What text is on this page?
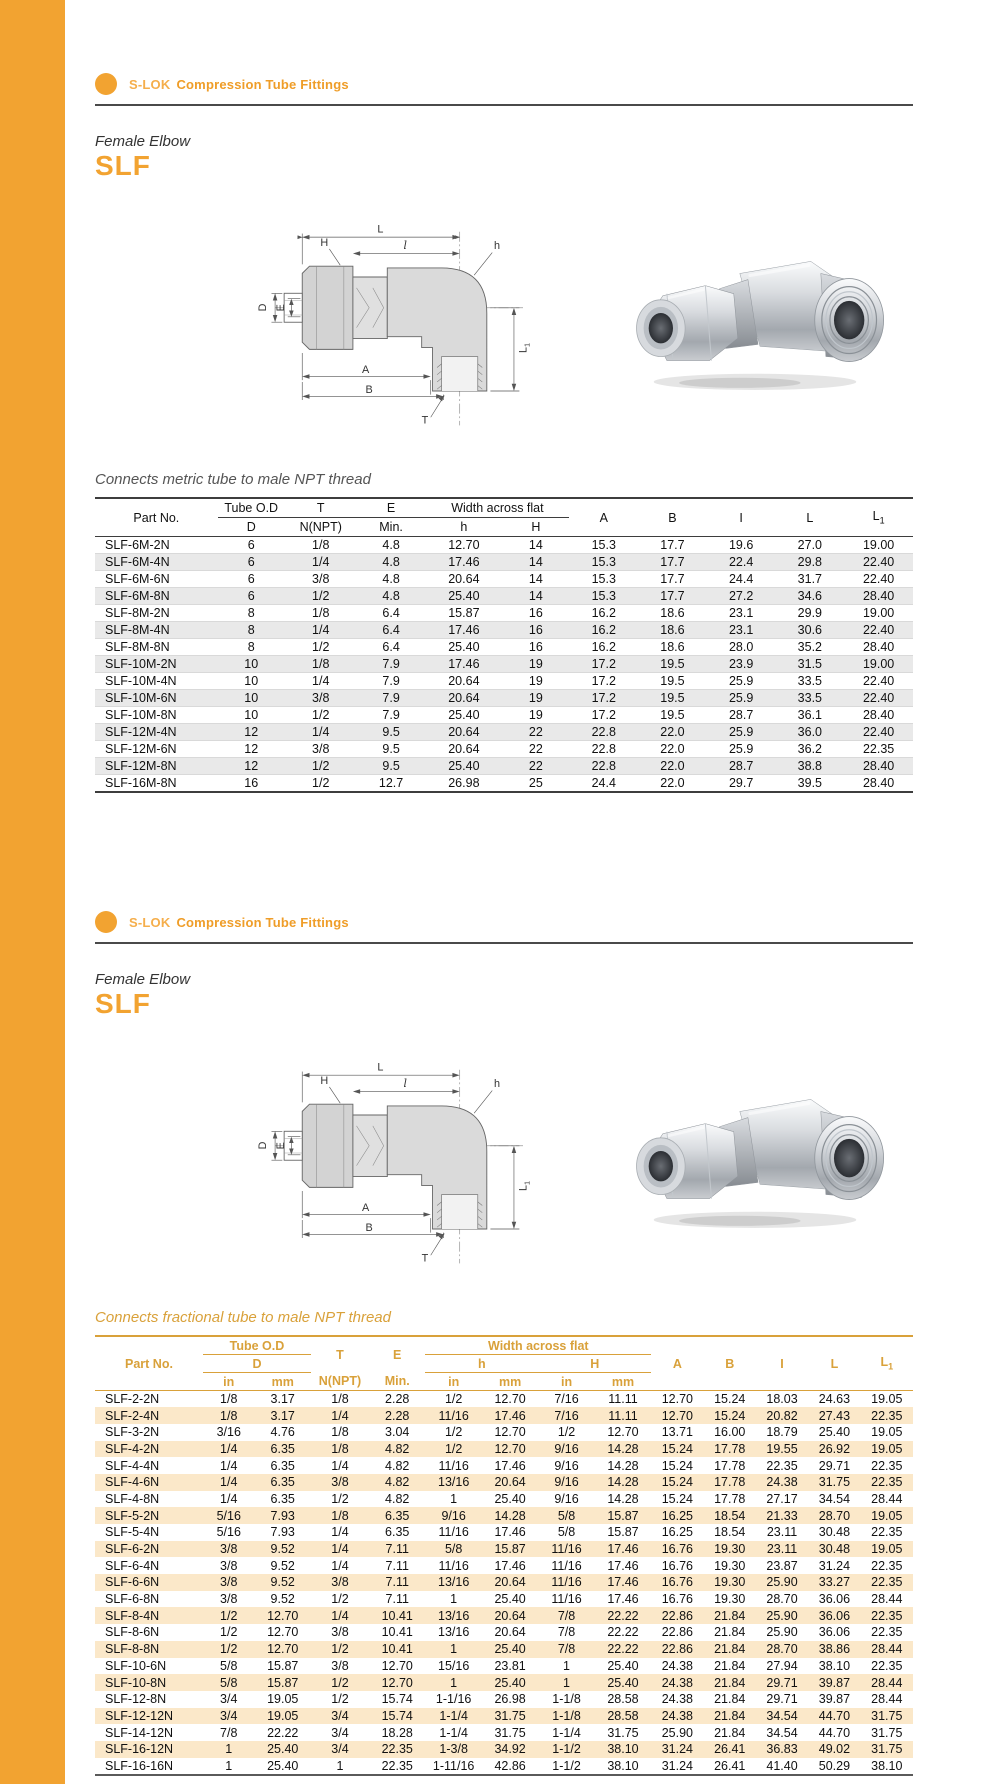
S-LOK Compression Tube Fittings
Female Elbow
SLF
L
l
H	h
D E
A
B
T
$L_1$
Connects metric tube to male NPT thread
Part No.	Tube O.D	T	E	Width across flat		A	B	I	L	$L_1$
	D	N(NPT)	Min.	h	H					
SLF-6M-2N	6	1/8	4.8	12.70	14	15.3	17.7	19.6	27.0	19.00
SLF-6M-4N	6	1/4	4.8	17.46	14	15.3	17.7	22.4	29.8	22.40
SLF-6M-6N	6	3/8	4.8	20.64	14	15.3	17.7	24.4	31.7	22.40
SLF-6M-8N	6	1/2	4.8	25.40	14	15.3	17.7	27.2	34.6	28.40
SLF-8M-2N	8	1/8	6.4	15.87	16	16.2	18.6	23.1	29.9	19.00
SLF-8M-4N	8	1/4	6.4	17.46	16	16.2	18.6	23.1	30.6	22.40
SLF-8M-8N	8	1/2	6.4	25.40	16	16.2	18.6	28.0	35.2	28.40
SLF-10M-2N	10	1/8	7.9	17.46	19	17.2	19.5	23.9	31.5	19.00
SLF-10M-4N	10	1/4	7.9	20.64	19	17.2	19.5	25.9	33.5	22.40
SLF-10M-6N	10	3/8	7.9	20.64	19	17.2	19.5	25.9	33.5	22.40
SLF-10M-8N	10	1/2	7.9	25.40	19	17.2	19.5	28.7	36.1	28.40
SLF-12M-4N	12	1/4	9.5	20.64	22	22.8	22.0	25.9	36.0	22.40
SLF-12M-6N	12	3/8	9.5	20.64	22	22.8	22.0	25.9	36.2	22.35
SLF-12M-8N	12	1/2	9.5	25.40	22	22.8	22.0	28.7	38.8	28.40
SLF-16M-8N	16	1/2	12.7	26.98	25	24.4	22.0	29.7	39.5	28.40
S-LOK Compression Tube Fittings
Female Elbow
SLF
L
l
H	h
D E
A
B
T
$L_1$
Connects fractional tube to male NPT thread
Part No.	Tube O.D		T	E	Width across flat				A	B	I	L	$L_1$
	D				h		H						
	in	mm	N(NPT)	Min.	in	mm	in	mm					
SLF-2-2N	1/8	3.17	1/8	2.28	1/2	12.70	7/16	11.11	12.70	15.24	18.03	24.63	19.05
SLF-2-4N	1/8	3.17	1/4	2.28	11/16	17.46	7/16	11.11	12.70	15.24	20.82	27.43	22.35
SLF-3-2N	3/16	4.76	1/8	3.04	1/2	12.70	1/2	12.70	13.71	16.00	18.79	25.40	19.05
SLF-4-2N	1/4	6.35	1/8	4.82	1/2	12.70	9/16	14.28	15.24	17.78	19.55	26.92	19.05
SLF-4-4N	1/4	6.35	1/4	4.82	11/16	17.46	9/16	14.28	15.24	17.78	22.35	29.71	22.35
SLF-4-6N	1/4	6.35	3/8	4.82	13/16	20.64	9/16	14.28	15.24	17.78	24.38	31.75	22.35
SLF-4-8N	1/4	6.35	1/2	4.82	1	25.40	9/16	14.28	15.24	17.78	27.17	34.54	28.44
SLF-5-2N	5/16	7.93	1/8	6.35	9/16	14.28	5/8	15.87	16.25	18.54	21.33	28.70	19.05
SLF-5-4N	5/16	7.93	1/4	6.35	11/16	17.46	5/8	15.87	16.25	18.54	23.11	30.48	22.35
SLF-6-2N	3/8	9.52	1/4	7.11	5/8	15.87	11/16	17.46	16.76	19.30	23.11	30.48	19.05
SLF-6-4N	3/8	9.52	1/4	7.11	11/16	17.46	11/16	17.46	16.76	19.30	23.87	31.24	22.35
SLF-6-6N	3/8	9.52	3/8	7.11	13/16	20.64	11/16	17.46	16.76	19.30	25.90	33.27	22.35
SLF-6-8N	3/8	9.52	1/2	7.11	1	25.40	11/16	17.46	16.76	19.30	28.70	36.06	28.44
SLF-8-4N	1/2	12.70	1/4	10.41	13/16	20.64	7/8	22.22	22.86	21.84	25.90	36.06	22.35
SLF-8-6N	1/2	12.70	3/8	10.41	13/16	20.64	7/8	22.22	22.86	21.84	25.90	36.06	22.35
SLF-8-8N	1/2	12.70	1/2	10.41	1	25.40	7/8	22.22	22.86	21.84	28.70	38.86	28.44
SLF-10-6N	5/8	15.87	3/8	12.70	15/16	23.81	1	25.40	24.38	21.84	27.94	38.10	22.35
SLF-10-8N	5/8	15.87	1/2	12.70	1	25.40	1	25.40	24.38	21.84	29.71	39.87	28.44
SLF-12-8N	3/4	19.05	1/2	15.74	1-1/16	26.98	1-1/8	28.58	24.38	21.84	29.71	39.87	28.44
SLF-12-12N	3/4	19.05	3/4	15.74	1-1/4	31.75	1-1/8	28.58	24.38	21.84	34.54	44.70	31.75
SLF-14-12N	7/8	22.22	3/4	18.28	1-1/4	31.75	1-1/4	31.75	25.90	21.84	34.54	44.70	31.75
SLF-16-12N	1	25.40	3/4	22.35	1-3/8	34.92	1-1/2	38.10	31.24	26.41	36.83	49.02	31.75
SLF-16-16N	1	25.40	1	22.35	1-11/16	42.86	1-1/2	38.10	31.24	26.41	41.40	50.29	38.10
